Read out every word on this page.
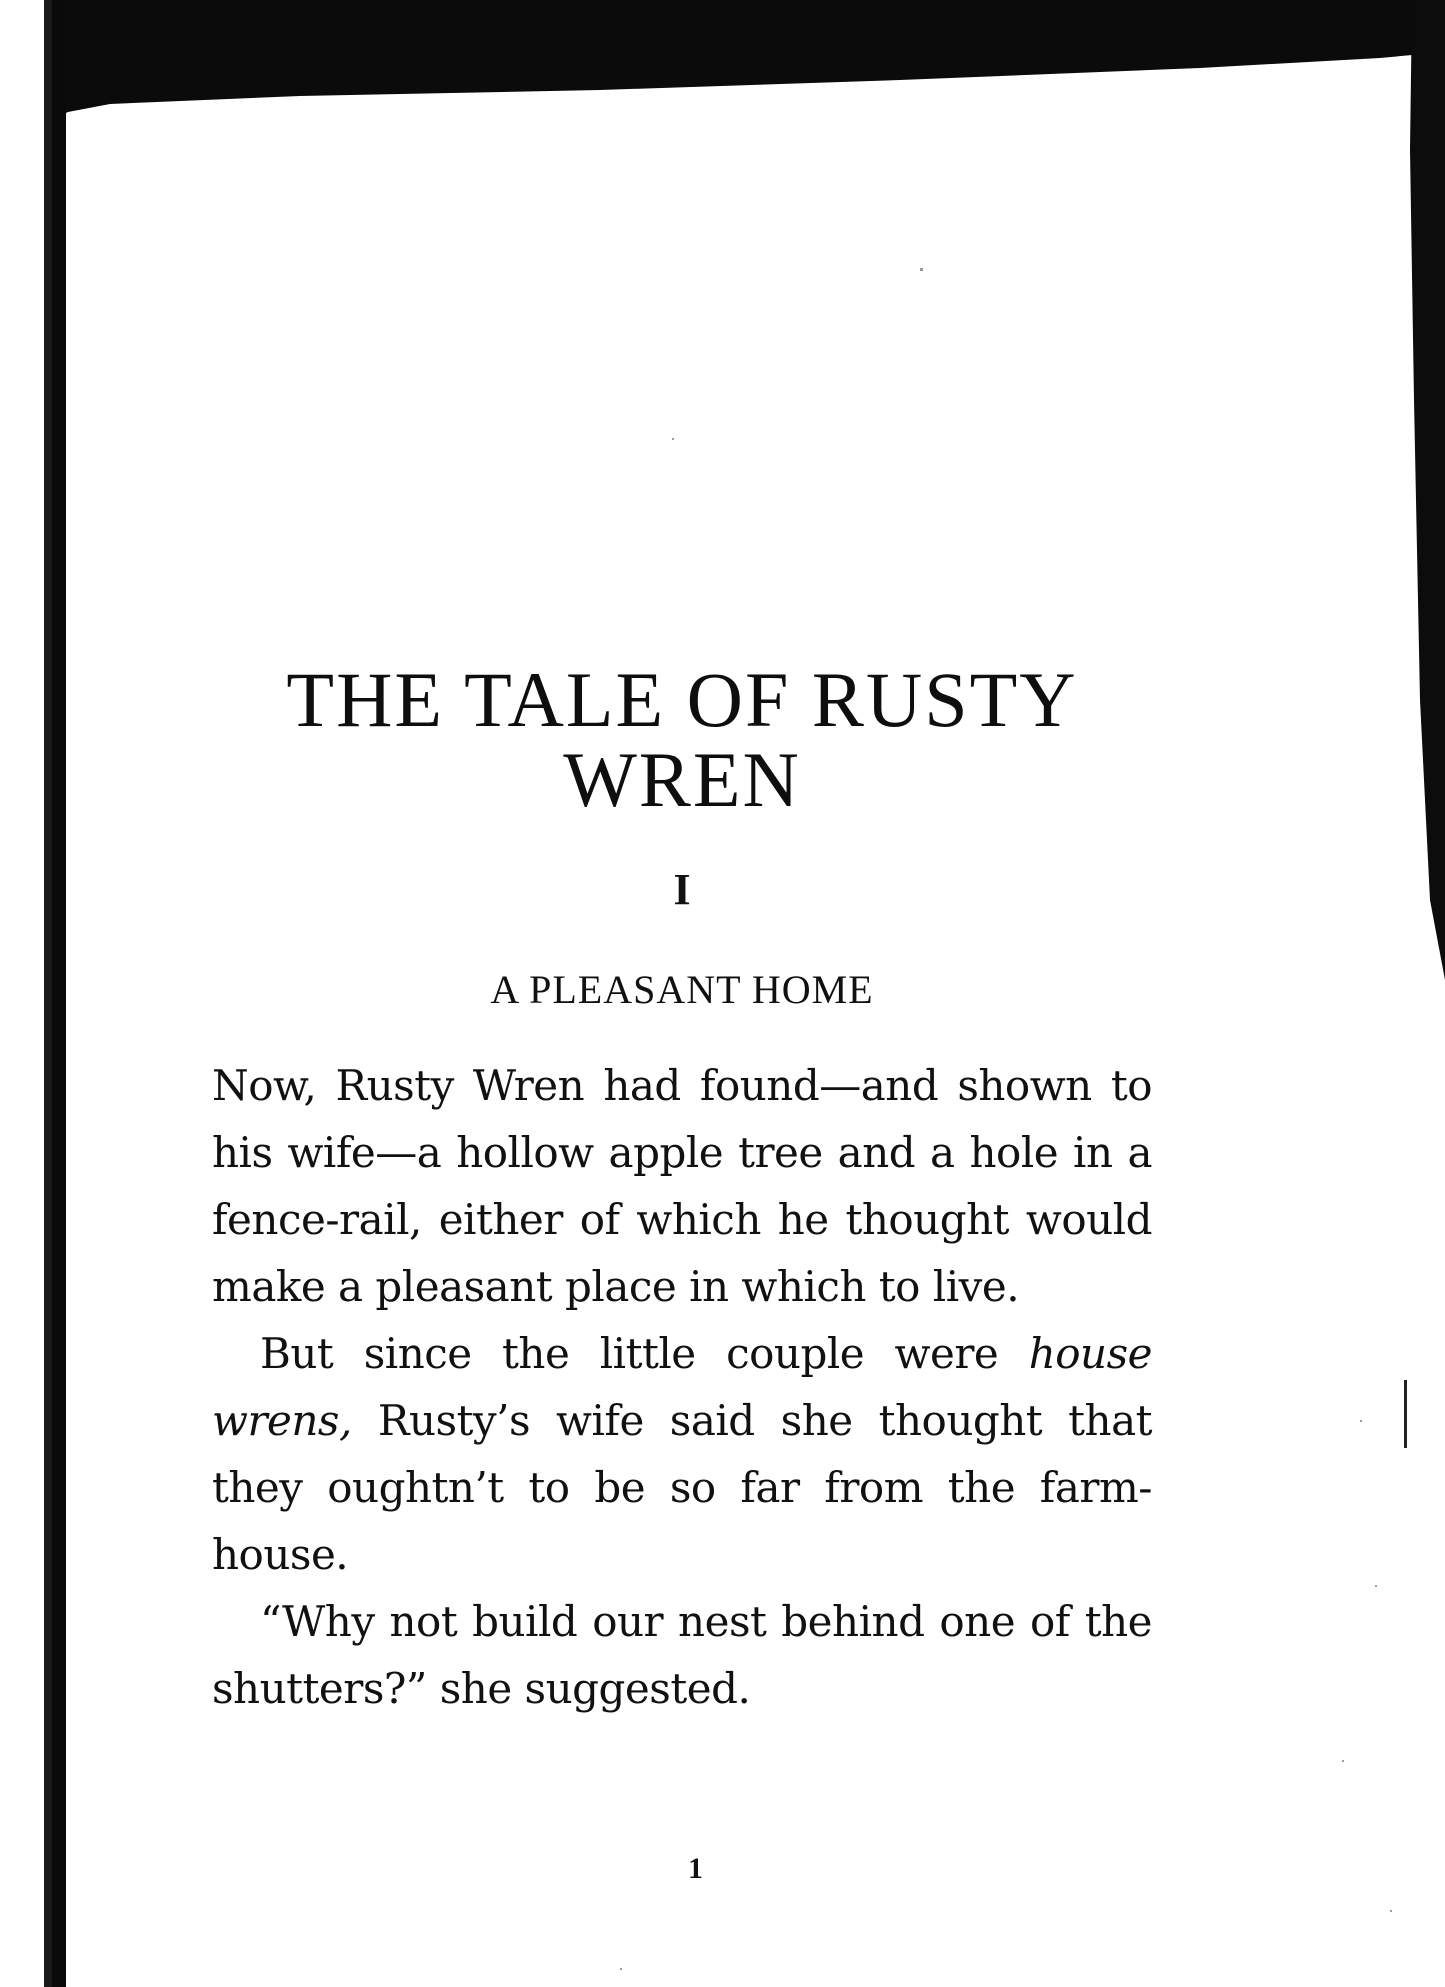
THE TALE OF RUSTY
WREN
I
A PLEASANT HOME

Now, Rusty Wren had found—and shown to his wife—a hollow apple tree and a hole in a fence-rail, either of which he thought would make a pleasant place in which to live.

But since the little couple were house wrens, Rusty’s wife said she thought that they oughtn’t to be so far from the farm-house.

“Why not build our nest behind one of the shutters?” she suggested.

1
